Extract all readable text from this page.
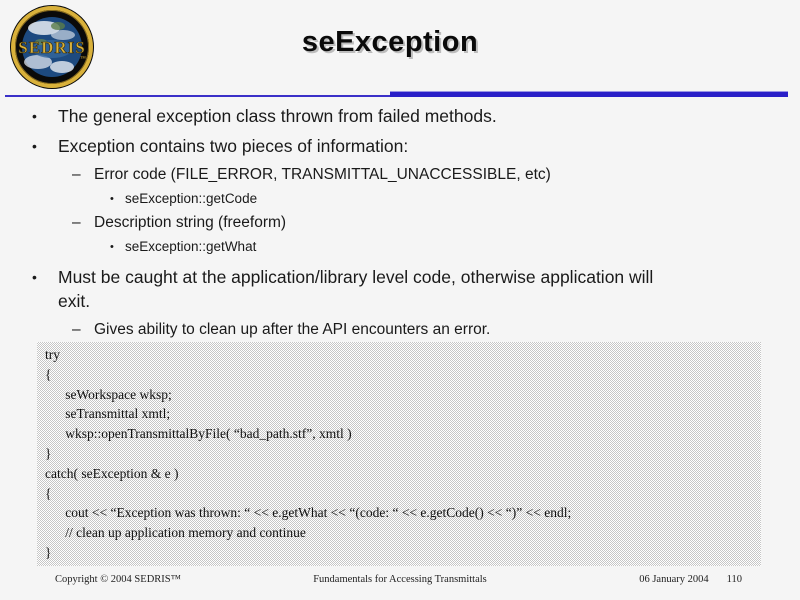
SEDRIS
™
seException
•	The general exception class thrown from failed methods.
•	Exception contains two pieces of information:
– Error code (FILE_ERROR, TRANSMITTAL_UNACCESSIBLE, etc)
• seException::getCode
– Description string (freeform)
• seException::getWhat
•	Must be caught at the application/library level code, otherwise application will exit.
– Gives ability to clean up after the API encounters an error.
try
{
seWorkspace wksp;
seTransmittal xmtl;
wksp::openTransmittalByFile( “bad_path.stf”, xmtl )
}
catch( seException & e )
{
cout << “Exception was thrown: “ << e.getWhat << “(code: “ << e.getCode() << “)” << endl;
// clean up application memory and continue
}
Copyright © 2004 SEDRIS™	Fundamentals for Accessing Transmittals	06 January 2004 110
